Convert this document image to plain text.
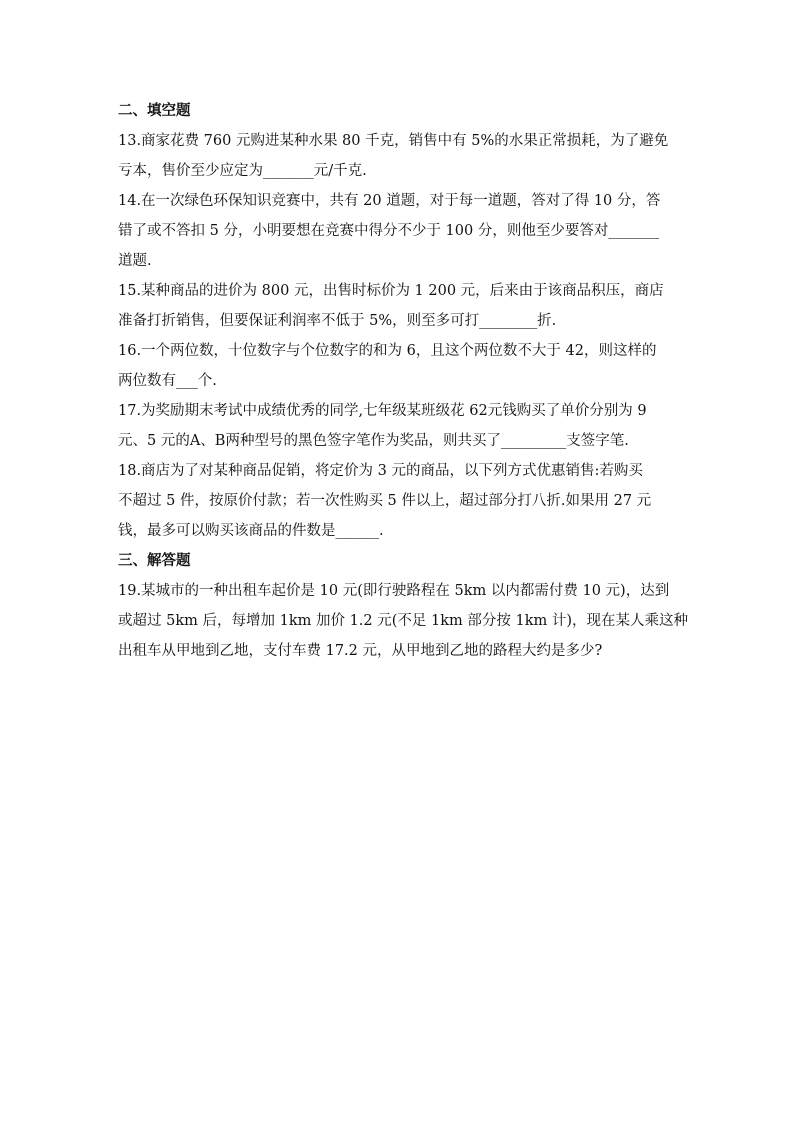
二、填空题
13.商家花费 760 元购进某种水果 80 千克，销售中有 5%的水果正常损耗，为了避免
亏本，售价至少应定为_______元/千克.
14.在一次绿色环保知识竞赛中，共有 20 道题，对于每一道题，答对了得 10 分，答
错了或不答扣 5 分，小明要想在竞赛中得分不少于 100 分，则他至少要答对_______
道题.
15.某种商品的进价为 800 元，出售时标价为 1 200 元，后来由于该商品积压，商店
准备打折销售，但要保证利润率不低于 5%，则至多可打________折.
16.一个两位数，十位数字与个位数字的和为 6，且这个两位数不大于 42，则这样的
两位数有___个.
17.为奖励期末考试中成绩优秀的同学,七年级某班级花 62元钱购买了单价分别为 9
元、5 元的A、B两种型号的黑色签字笔作为奖品，则共买了_________支签字笔.
18.商店为了对某种商品促销，将定价为 3 元的商品，以下列方式优惠销售:若购买
不超过 5 件，按原价付款；若一次性购买 5 件以上，超过部分打八折.如果用 27 元
钱，最多可以购买该商品的件数是______.
三、解答题
19.某城市的一种出租车起价是 10 元(即行驶路程在 5km 以内都需付费 10 元)，达到
或超过 5km 后，每增加 1km 加价 1.2 元(不足 1km 部分按 1km 计)，现在某人乘这种
出租车从甲地到乙地，支付车费 17.2 元，从甲地到乙地的路程大约是多少?
